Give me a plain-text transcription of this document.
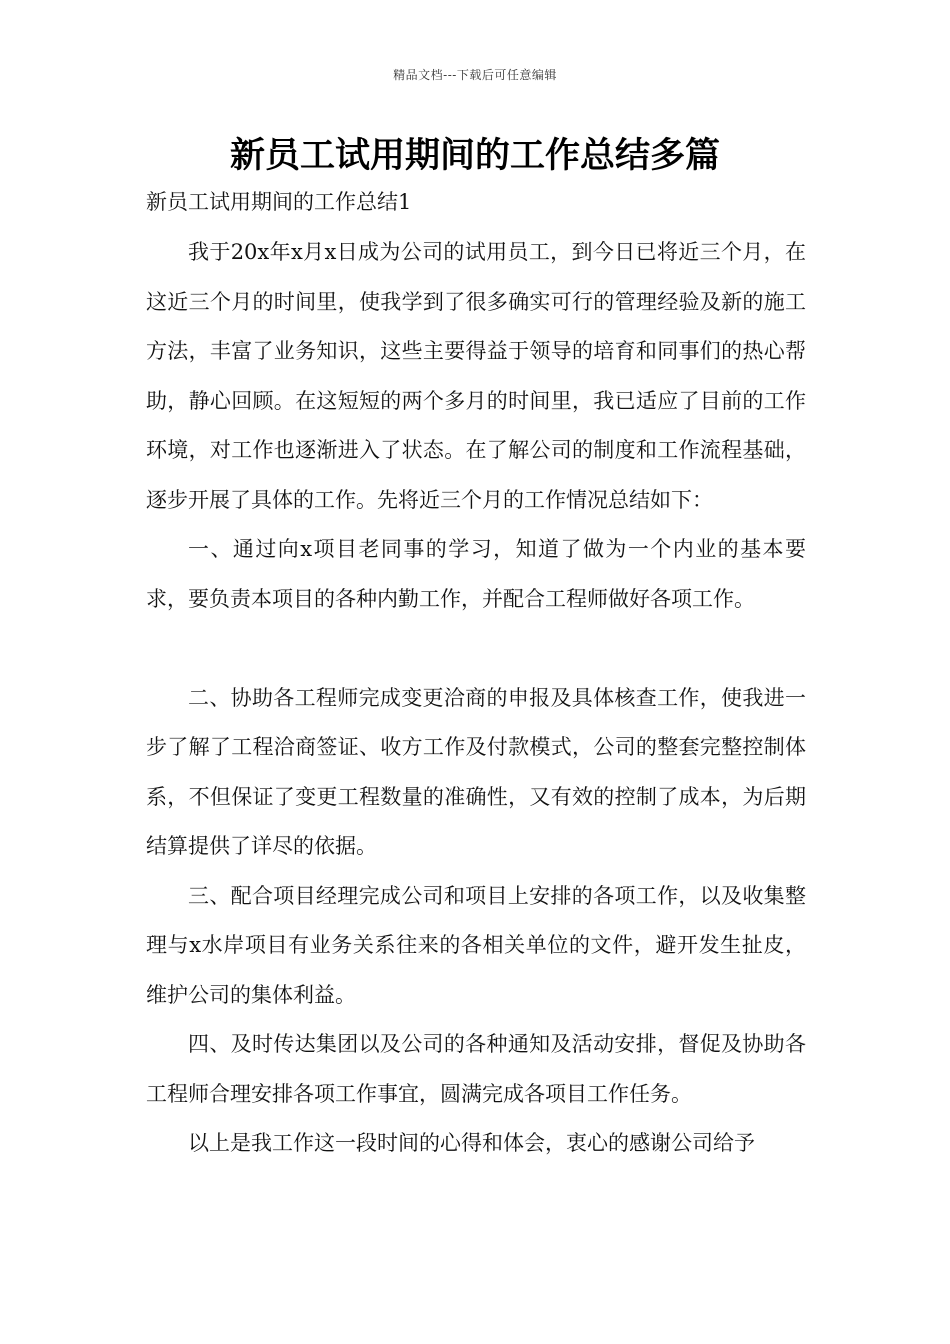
精品文档---下载后可任意编辑
新员工试用期间的工作总结多篇

新员工试用期间的工作总结1

我于20x年x月x日成为公司的试用员工，到今日已将近三个月，在这近三个月的时间里，使我学到了很多确实可行的管理经验及新的施工方法，丰富了业务知识，这些主要得益于领导的培育和同事们的热心帮助，静心回顾。在这短短的两个多月的时间里，我已适应了目前的工作环境，对工作也逐渐进入了状态。在了解公司的制度和工作流程基础，逐步开展了具体的工作。先将近三个月的工作情况总结如下：

一、通过向x项目老同事的学习，知道了做为一个内业的基本要求，要负责本项目的各种内勤工作，并配合工程师做好各项工作。

二、协助各工程师完成变更洽商的申报及具体核查工作，使我进一步了解了工程洽商签证、收方工作及付款模式，公司的整套完整控制体系，不但保证了变更工程数量的准确性，又有效的控制了成本，为后期结算提供了详尽的依据。

三、配合项目经理完成公司和项目上安排的各项工作，以及收集整理与x水岸项目有业务关系往来的各相关单位的文件，避开发生扯皮，维护公司的集体利益。

四、及时传达集团以及公司的各种通知及活动安排，督促及协助各工程师合理安排各项工作事宜，圆满完成各项目工作任务。

以上是我工作这一段时间的心得和体会，衷心的感谢公司给予
